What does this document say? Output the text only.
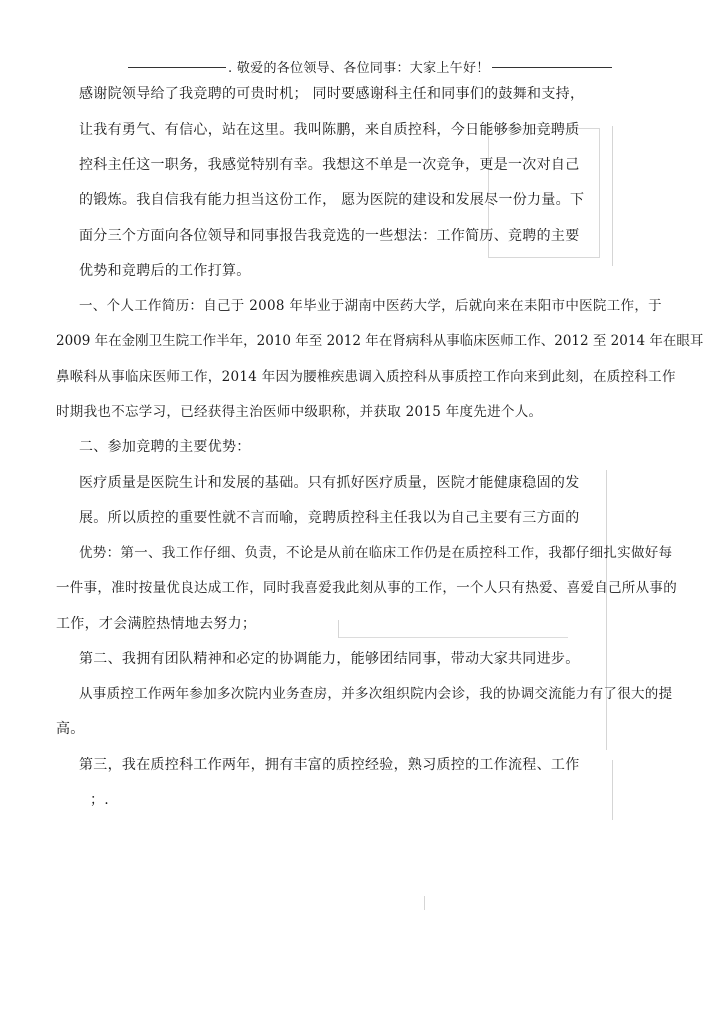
. 敬爱的各位领导、各位同事：大家上午好！
感谢院领导给了我竞聘的可贵时机； 同时要感谢科主任和同事们的鼓舞和支持，
让我有勇气、有信心，站在这里。我叫陈鹏，来自质控科，今日能够参加竞聘质
控科主任这一职务，我感觉特别有幸。我想这不单是一次竞争，更是一次对自己
的锻炼。我自信我有能力担当这份工作， 愿为医院的建设和发展尽一份力量。 下
面分三个方面向各位领导和同事报告我竞选的一些想法：工作简历、竞聘的主要
优势和竞聘后的工作打算。
一、个人工作简历：自己于 2008 年毕业于湖南中医药大学，后就向来在耒阳市中医院工作，于
2009 年在金刚卫生院工作半年，2010 年至 2012 年在肾病科从事临床医师工作、2012 至 2014 年在眼耳
鼻喉科从事临床医师工作，2014 年因为腰椎疾患调入质控科从事质控工作向来到此刻，在质控科工作
时期我也不忘学习，已经获得主治医师中级职称，并获取 2015 年度先进个人。
二、参加竞聘的主要优势：
医疗质量是医院生计和发展的基础。只有抓好医疗质量，医院才能健康稳固的发
展。所以质控的重要性就不言而喻，竞聘质控科主任我以为自己主要有三方面的
优势：第一、我工作仔细、负责，不论是从前在临床工作仍是在质控科工作，我都仔细扎实做好每
一件事，准时按量优良达成工作，同时我喜爱我此刻从事的工作，一个人只有热爱、喜爱自己所从事的
工作，才会满腔热情地去努力；
第二、我拥有团队精神和必定的协调能力，能够团结同事，带动大家共同进步。
从事质控工作两年参加多次院内业务查房，并多次组织院内会诊，我的协调交流能力有了很大的提
高。
第三，我在质控科工作两年，拥有丰富的质控经验，熟习质控的工作流程、工作
；.
